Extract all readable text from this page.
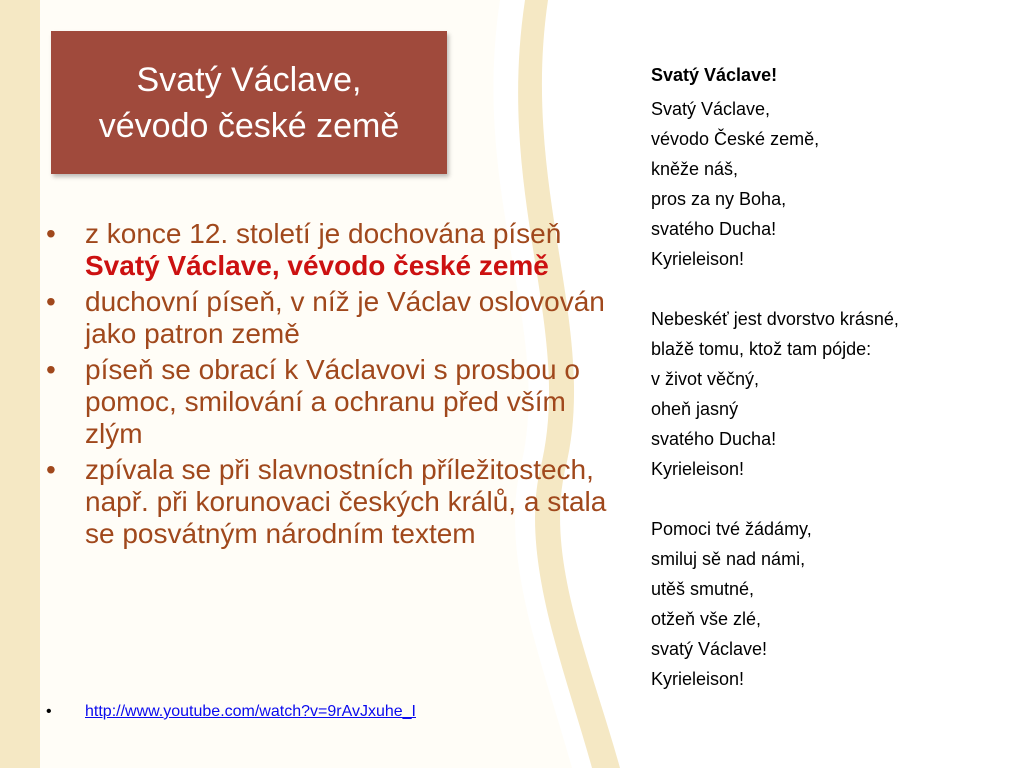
Svatý Václave,
vévodo české země
• z konce 12. století je dochována píseň Svatý Václave, vévodo české země
• duchovní píseň, v níž je Václav oslovován jako patron země
• píseň se obrací k Václavovi s prosbou o pomoc, smilování a ochranu před vším zlým
• zpívala se při slavnostních příležitostech, např. při korunovaci českých králů, a stala se posvátným národním textem
• http://www.youtube.com/watch?v=9rAvJxuhe_I
Svatý Václave!
Svatý Václave,
vévodo České země,
kněže náš,
pros za ny Boha,
svatého Ducha!
Kyrieleison!
Nebeskéť jest dvorstvo krásné,
blažě tomu, ktož tam pójde:
v život věčný,
oheň jasný
svatého Ducha!
Kyrieleison!
Pomoci tvé žádámy,
smiluj sě nad námi,
utěš smutné,
otžeň vše zlé,
svatý Václave!
Kyrieleison!
